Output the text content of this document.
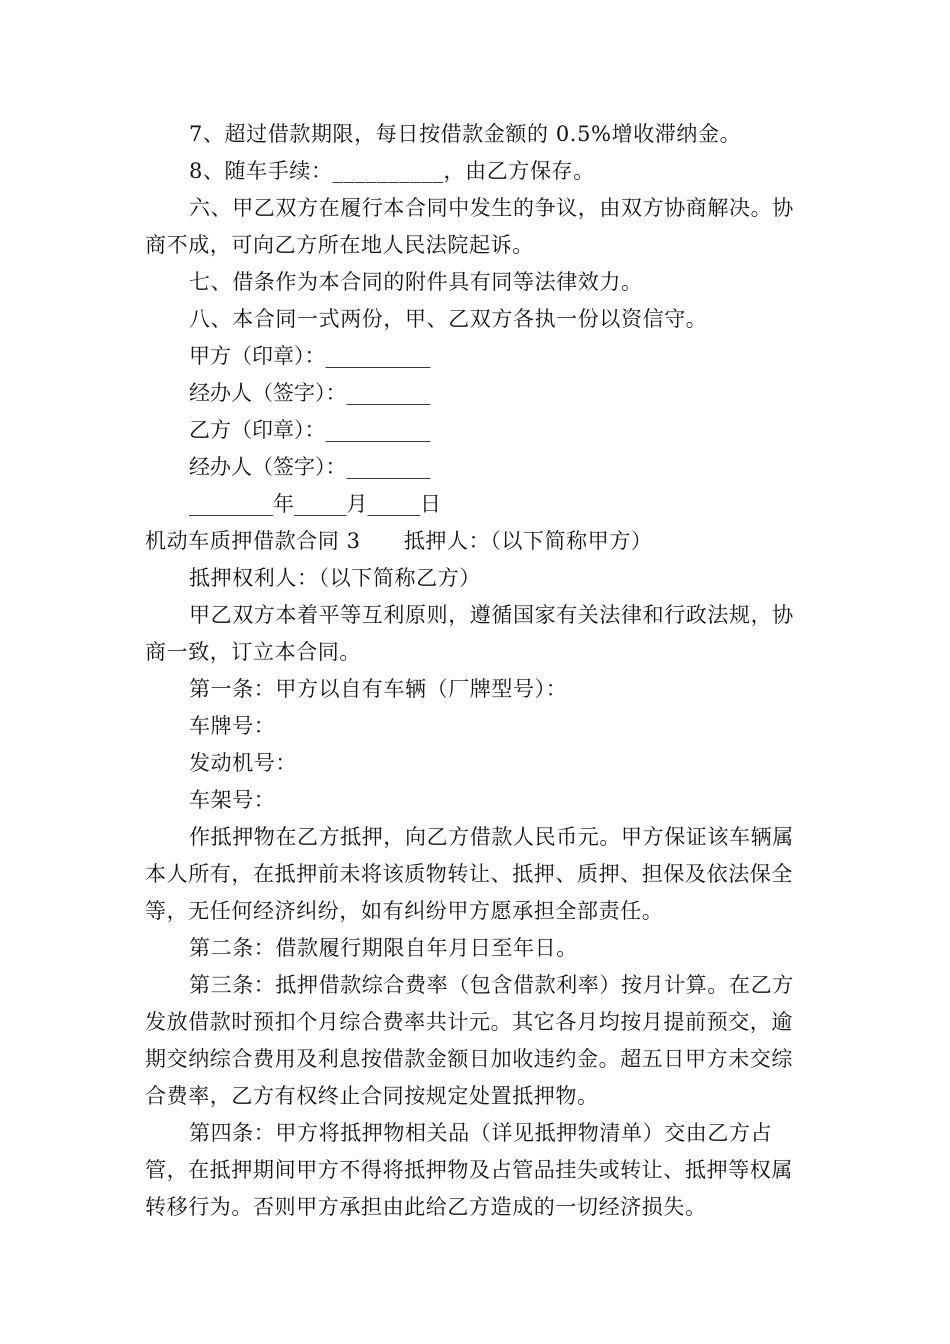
7、超过借款期限，每日按借款金额的 0.5%增收滞纳金。

8、随车手续：__________，由乙方保存。

六、甲乙双方在履行本合同中发生的争议，由双方协商解决。协商不成，可向乙方所在地人民法院起诉。

七、借条作为本合同的附件具有同等法律效力。

八、本合同一式两份，甲、乙双方各执一份以资信守。

甲方（印章）：__________

经办人（签字）：________

乙方（印章）：__________

经办人（签字）：________

________年_____月_____日

机动车质押借款合同 3　　抵押人：（以下简称甲方）

抵押权利人：（以下简称乙方）

甲乙双方本着平等互利原则，遵循国家有关法律和行政法规，协商一致，订立本合同。

第一条：甲方以自有车辆（厂牌型号）：

车牌号：

发动机号：

车架号：

作抵押物在乙方抵押，向乙方借款人民币元。甲方保证该车辆属本人所有，在抵押前未将该质物转让、抵押、质押、担保及依法保全等，无任何经济纠纷，如有纠纷甲方愿承担全部责任。

第二条：借款履行期限自年月日至年日。

第三条：抵押借款综合费率（包含借款利率）按月计算。在乙方发放借款时预扣个月综合费率共计元。其它各月均按月提前预交，逾期交纳综合费用及利息按借款金额日加收违约金。超五日甲方未交综合费率，乙方有权终止合同按规定处置抵押物。

第四条：甲方将抵押物相关品（详见抵押物清单）交由乙方占管，在抵押期间甲方不得将抵押物及占管品挂失或转让、抵押等权属转移行为。否则甲方承担由此给乙方造成的一切经济损失。
